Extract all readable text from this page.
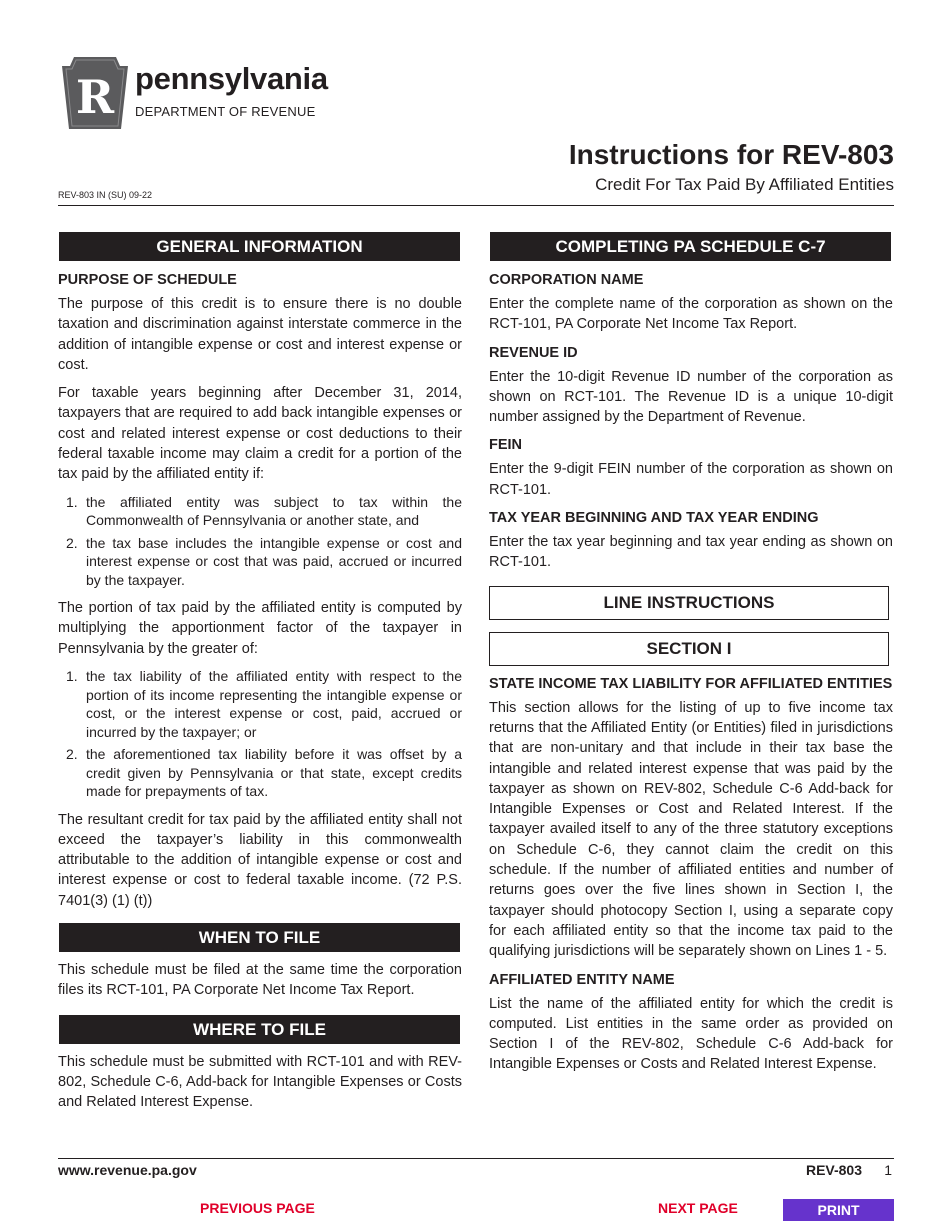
R pennsylvania
DEPARTMENT OF REVENUE
Instructions for REV-803
Credit For Tax Paid By Affiliated Entities
REV-803 IN (SU) 09-22
GENERAL INFORMATION
PURPOSE OF SCHEDULE

The purpose of this credit is to ensure there is no double taxation and discrimination against interstate commerce in the addition of intangible expense or cost and interest expense or cost.

For taxable years beginning after December 31, 2014, taxpayers that are required to add back intangible expenses or cost and related interest expense or cost deductions to their federal taxable income may claim a credit for a portion of the tax paid by the affiliated entity if:

1. the affiliated entity was subject to tax within the Commonwealth of Pennsylvania or another state, and
2. the tax base includes the intangible expense or cost and interest expense or cost that was paid, accrued or incurred by the taxpayer.

The portion of tax paid by the affiliated entity is computed by multiplying the apportionment factor of the taxpayer in Pennsylvania by the greater of:

1. the tax liability of the affiliated entity with respect to the portion of its income representing the intangible expense or cost, or the interest expense or cost, paid, accrued or incurred by the taxpayer; or
2. the aforementioned tax liability before it was offset by a credit given by Pennsylvania or that state, except credits made for prepayments of tax.

The resultant credit for tax paid by the affiliated entity shall not exceed the taxpayer’s liability in this commonwealth attributable to the addition of intangible expense or cost and interest expense or cost to federal taxable income. (72 P.S. 7401(3) (1) (t))

WHEN TO FILE

This schedule must be filed at the same time the corporation files its RCT-101, PA Corporate Net Income Tax Report.

WHERE TO FILE

This schedule must be submitted with RCT-101 and with REV-802, Schedule C-6, Add-back for Intangible Expenses or Costs and Related Interest Expense.

COMPLETING PA SCHEDULE C-7
CORPORATION NAME

Enter the complete name of the corporation as shown on the RCT-101, PA Corporate Net Income Tax Report.

REVENUE ID

Enter the 10-digit Revenue ID number of the corporation as shown on RCT-101. The Revenue ID is a unique 10-digit number assigned by the Department of Revenue.

FEIN

Enter the 9-digit FEIN number of the corporation as shown on RCT-101.

TAX YEAR BEGINNING AND TAX YEAR ENDING

Enter the tax year beginning and tax year ending as shown on RCT-101.

LINE INSTRUCTIONS
SECTION I
STATE INCOME TAX LIABILITY FOR AFFILIATED ENTITIES

This section allows for the listing of up to five income tax returns that the Affiliated Entity (or Entities) filed in jurisdictions that are non-unitary and that include in their tax base the intangible and related interest expense that was paid by the taxpayer as shown on REV-802, Schedule C-6 Add-back for Intangible Expenses or Cost and Related Interest. If the taxpayer availed itself to any of the three statutory exceptions on Schedule C-6, they cannot claim the credit on this schedule. If the number of affiliated entities and number of returns goes over the five lines shown in Section I, the taxpayer should photocopy Section I, using a separate copy for each affiliated entity so that the income tax paid to the qualifying jurisdictions will be separately shown on Lines 1 - 5.

AFFILIATED ENTITY NAME

List the name of the affiliated entity for which the credit is computed. List entities in the same order as provided on Section I of the REV-802, Schedule C-6 Add-back for Intangible Expenses or Costs and Related Interest Expense.

www.revenue.pa.gov	REV-803 1
PREVIOUS PAGE	NEXT PAGE	PRINT
